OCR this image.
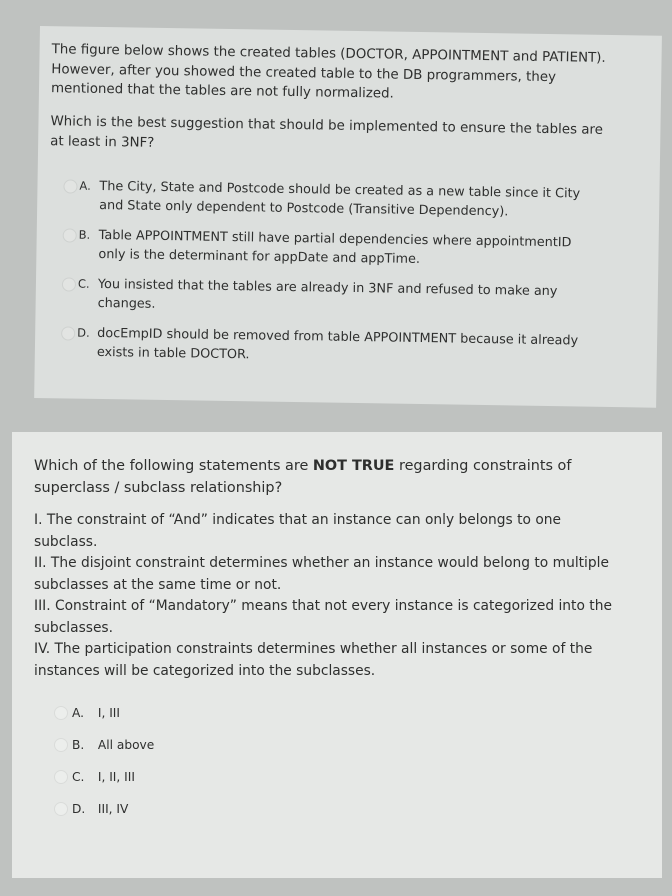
The figure below shows the created tables (DOCTOR, APPOINTMENT and PATIENT). However, after you showed the created table to the DB programmers, they mentioned that the tables are not fully normalized.

Which is the best suggestion that should be implemented to ensure the tables are at least in 3NF?

A. The City, State and Postcode should be created as a new table since it City and State only dependent to Postcode (Transitive Dependency).
B. Table APPOINTMENT still have partial dependencies where appointmentID only is the determinant for appDate and appTime.
C. You insisted that the tables are already in 3NF and refused to make any changes.
D. docEmpID should be removed from table APPOINTMENT because it already exists in table DOCTOR.

Which of the following statements are NOT TRUE regarding constraints of superclass / subclass relationship?

I. The constraint of “And” indicates that an instance can only belongs to one subclass.
II. The disjoint constraint determines whether an instance would belong to multiple subclasses at the same time or not.
III. Constraint of “Mandatory” means that not every instance is categorized into the subclasses.
IV. The participation constraints determines whether all instances or some of the instances will be categorized into the subclasses.
A. I, III
B. All above
C. I, II, III
D. III, IV
